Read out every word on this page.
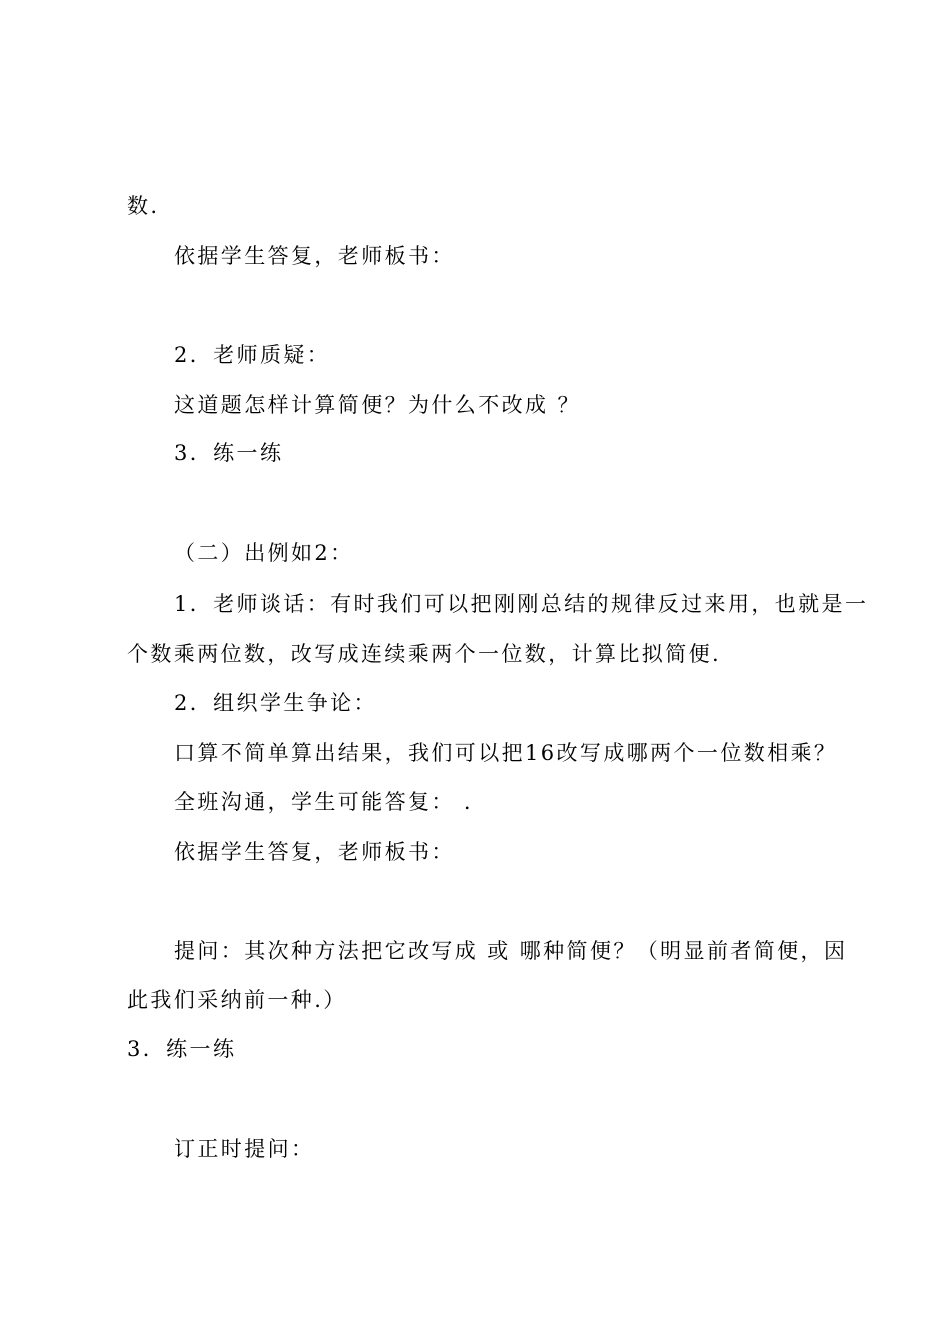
数.
依据学生答复，老师板书：
2．老师质疑：
这道题怎样计算简便？为什么不改成 ？
3．练一练
（二）出例如2：
1．老师谈话：有时我们可以把刚刚总结的规律反过来用，也就是一
个数乘两位数，改写成连续乘两个一位数，计算比拟简便.
2．组织学生争论：
口算不简单算出结果，我们可以把16改写成哪两个一位数相乘？
全班沟通，学生可能答复： .
依据学生答复，老师板书：
提问：其次种方法把它改写成 或 哪种简便？（明显前者简便，因
此我们采纳前一种.）
3．练一练
订正时提问：
